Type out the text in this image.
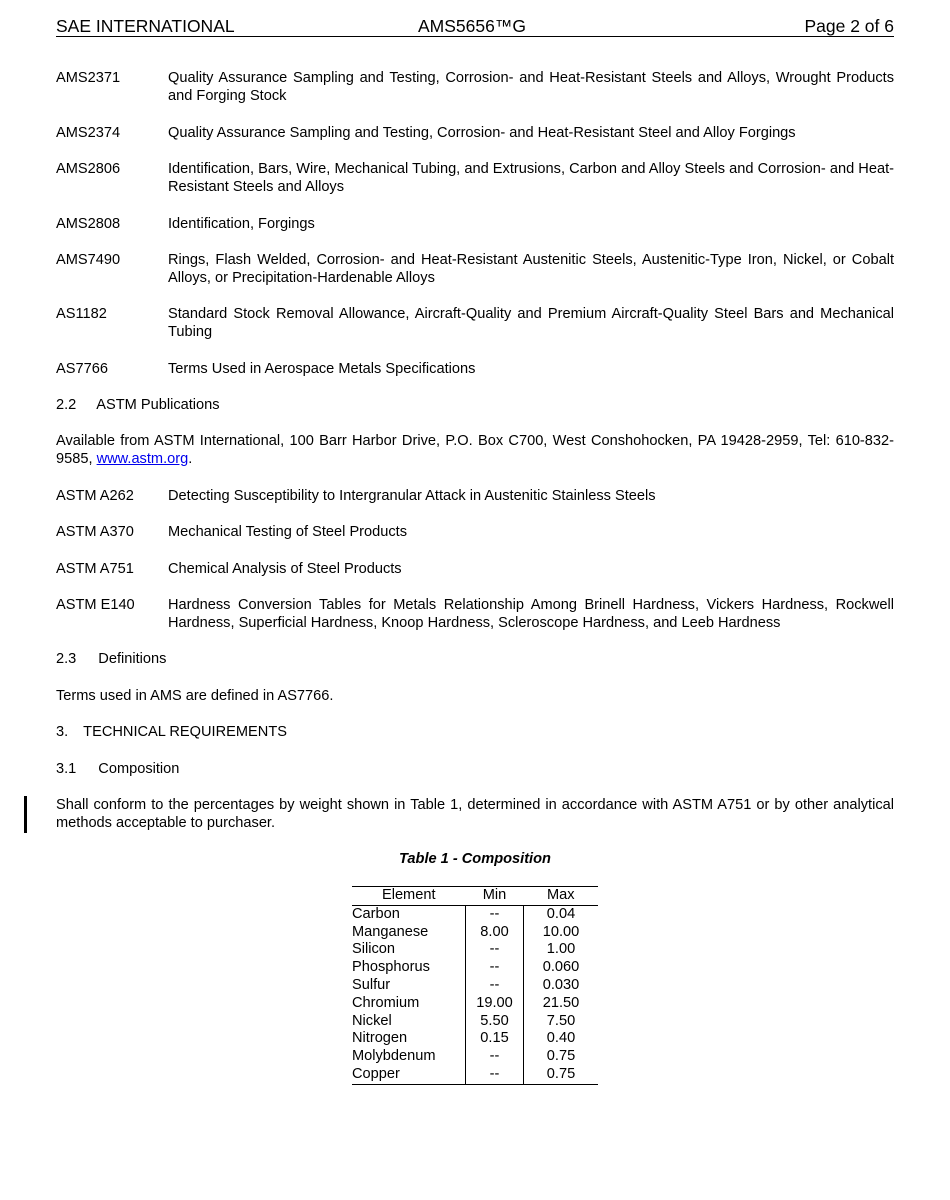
SAE INTERNATIONAL	AMS5656™G	Page 2 of 6
AMS2371	Quality Assurance Sampling and Testing, Corrosion- and Heat-Resistant Steels and Alloys, Wrought Products and Forging Stock
AMS2374	Quality Assurance Sampling and Testing, Corrosion- and Heat-Resistant Steel and Alloy Forgings
AMS2806	Identification, Bars, Wire, Mechanical Tubing, and Extrusions, Carbon and Alloy Steels and Corrosion- and Heat-Resistant Steels and Alloys
AMS2808	Identification, Forgings
AMS7490	Rings, Flash Welded, Corrosion- and Heat-Resistant Austenitic Steels, Austenitic-Type Iron, Nickel, or Cobalt Alloys, or Precipitation-Hardenable Alloys
AS1182	Standard Stock Removal Allowance, Aircraft-Quality and Premium Aircraft-Quality Steel Bars and Mechanical Tubing
AS7766	Terms Used in Aerospace Metals Specifications
2.2 ASTM Publications
Available from ASTM International, 100 Barr Harbor Drive, P.O. Box C700, West Conshohocken, PA 19428-2959, Tel: 610-832-9585, www.astm.org.
ASTM A262 Detecting Susceptibility to Intergranular Attack in Austenitic Stainless Steels
ASTM A370 Mechanical Testing of Steel Products
ASTM A751 Chemical Analysis of Steel Products
ASTM E140 Hardness Conversion Tables for Metals Relationship Among Brinell Hardness, Vickers Hardness, Rockwell Hardness, Superficial Hardness, Knoop Hardness, Scleroscope Hardness, and Leeb Hardness
2.3 Definitions
Terms used in AMS are defined in AS7766.
3. TECHNICAL REQUIREMENTS
3.1 Composition
Shall conform to the percentages by weight shown in Table 1, determined in accordance with ASTM A751 or by other analytical methods acceptable to purchaser.
Table 1 - Composition
Element	Min	Max
Carbon	--	0.04
Manganese	8.00	10.00
Silicon	--	1.00
Phosphorus	--	0.060
Sulfur	--	0.030
Chromium	19.00	21.50
Nickel	5.50	7.50
Nitrogen	0.15	0.40
Molybdenum	--	0.75
Copper	--	0.75
